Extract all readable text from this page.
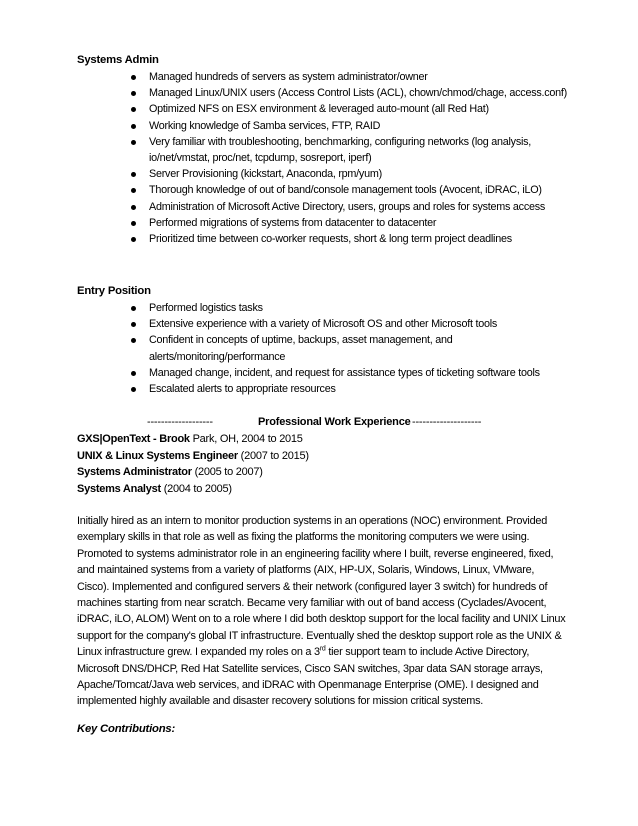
Systems Admin
Managed hundreds of servers as system administrator/owner
Managed Linux/UNIX users (Access Control Lists (ACL), chown/chmod/chage, access.conf)
Optimized NFS on ESX environment & leveraged auto-mount (all Red Hat)
Working knowledge of Samba services, FTP, RAID
Very familiar with troubleshooting, benchmarking, configuring networks (log analysis, io/net/vmstat, proc/net, tcpdump, sosreport, iperf)
Server Provisioning (kickstart, Anaconda, rpm/yum)
Thorough knowledge of out of band/console management tools (Avocent, iDRAC, iLO)
Administration of Microsoft Active Directory, users, groups and roles for systems access
Performed migrations of systems from datacenter to datacenter
Prioritized time between co-worker requests, short & long term project deadlines
Entry Position
Performed logistics tasks
Extensive experience with a variety of Microsoft OS and other Microsoft tools
Confident in concepts of uptime, backups, asset management, and alerts/monitoring/performance
Managed change, incident, and request for assistance types of ticketing software tools
Escalated alerts to appropriate resources
-------------------	Professional Work Experience --------------------
GXS|OpenText - Brook Park, OH, 2004 to 2015
UNIX & Linux Systems Engineer (2007 to 2015)
Systems Administrator (2005 to 2007)
Systems Analyst (2004 to 2005)
Initially hired as an intern to monitor production systems in an operations (NOC) environment. Provided exemplary skills in that role as well as fixing the platforms the monitoring computers we were using. Promoted to systems administrator role in an engineering facility where I built, reverse engineered, fixed, and maintained systems from a variety of platforms (AIX, HP-UX, Solaris, Windows, Linux, VMware, Cisco). Implemented and configured servers & their network (configured layer 3 switch) for hundreds of machines starting from near scratch. Became very familiar with out of band access (Cyclades/Avocent, iDRAC, iLO, ALOM) Went on to a role where I did both desktop support for the local facility and UNIX Linux support for the company's global IT infrastructure. Eventually shed the desktop support role as the UNIX & Linux infrastructure grew. I expanded my roles on a 3rd tier support team to include Active Directory, Microsoft DNS/DHCP, Red Hat Satellite services, Cisco SAN switches, 3par data SAN storage arrays, Apache/Tomcat/Java web services, and iDRAC with Openmanage Enterprise (OME). I designed and implemented highly available and disaster recovery solutions for mission critical systems.
Key Contributions:
